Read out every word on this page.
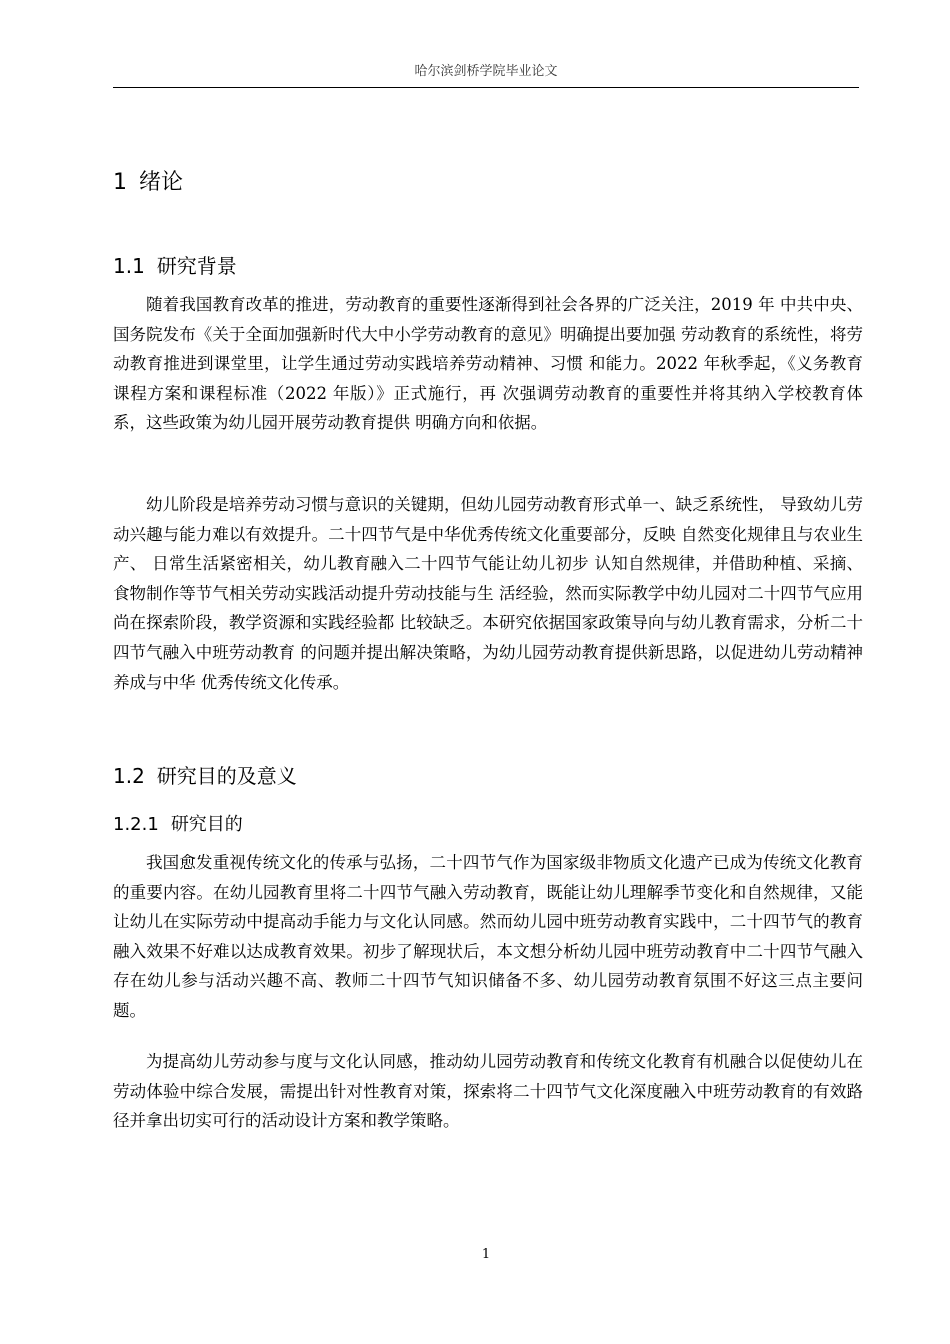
哈尔滨剑桥学院毕业论文
1 绪论
1.1 研究背景

随着我国教育改革的推进，劳动教育的重要性逐渐得到社会各界的广泛关注，2019 年 中共中央、国务院发布《关于全面加强新时代大中小学劳动教育的意见》明确提出要加强 劳动教育的系统性，将劳动教育推进到课堂里，让学生通过劳动实践培养劳动精神、习惯 和能力。2022 年秋季起，《义务教育课程方案和课程标准（2022 年版）》正式施行，再 次强调劳动教育的重要性并将其纳入学校教育体系，这些政策为幼儿园开展劳动教育提供 明确方向和依据。

幼儿阶段是培养劳动习惯与意识的关键期，但幼儿园劳动教育形式单一、缺乏系统性， 导致幼儿劳动兴趣与能力难以有效提升。二十四节气是中华优秀传统文化重要部分，反映 自然变化规律且与农业生产、 日常生活紧密相关，幼儿教育融入二十四节气能让幼儿初步 认知自然规律，并借助种植、采摘、食物制作等节气相关劳动实践活动提升劳动技能与生 活经验，然而实际教学中幼儿园对二十四节气应用尚在探索阶段，教学资源和实践经验都 比较缺乏。本研究依据国家政策导向与幼儿教育需求，分析二十四节气融入中班劳动教育 的问题并提出解决策略，为幼儿园劳动教育提供新思路，以促进幼儿劳动精神养成与中华 优秀传统文化传承。

1.2 研究目的及意义
1.2.1 研究目的

我国愈发重视传统文化的传承与弘扬，二十四节气作为国家级非物质文化遗产已成为传统文化教育的重要内容。在幼儿园教育里将二十四节气融入劳动教育，既能让幼儿理解季节变化和自然规律，又能让幼儿在实际劳动中提高动手能力与文化认同感。然而幼儿园中班劳动教育实践中，二十四节气的教育融入效果不好难以达成教育效果。初步了解现状后，本文想分析幼儿园中班劳动教育中二十四节气融入存在幼儿参与活动兴趣不高、教师二十四节气知识储备不多、幼儿园劳动教育氛围不好这三点主要问题。

为提高幼儿劳动参与度与文化认同感，推动幼儿园劳动教育和传统文化教育有机融合以促使幼儿在劳动体验中综合发展，需提出针对性教育对策，探索将二十四节气文化深度融入中班劳动教育的有效路径并拿出切实可行的活动设计方案和教学策略。

1
